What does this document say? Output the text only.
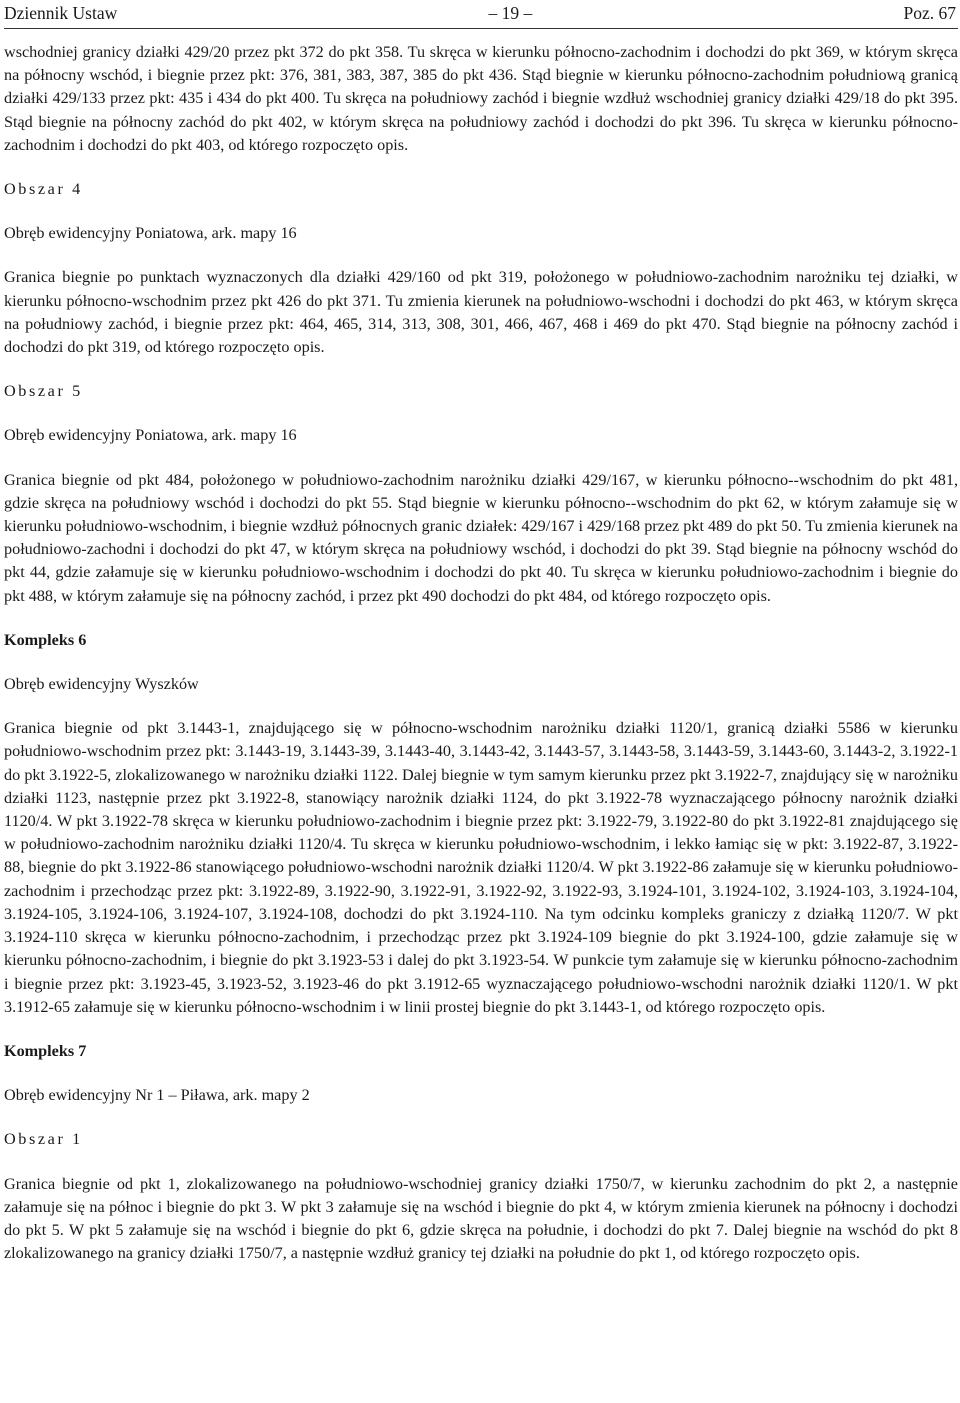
Dziennik Ustaw	– 19 –	Poz. 67

wschodniej granicy działki 429/20 przez pkt 372 do pkt 358. Tu skręca w kierunku północno-zachodnim i dochodzi do pkt 369, w którym skręca na północny wschód, i biegnie przez pkt: 376, 381, 383, 387, 385 do pkt 436. Stąd biegnie w kierunku północno-zachodnim południową granicą działki 429/133 przez pkt: 435 i 434 do pkt 400. Tu skręca na południowy zachód i biegnie wzdłuż wschodniej granicy działki 429/18 do pkt 395. Stąd biegnie na północny zachód do pkt 402, w którym skręca na południowy zachód i dochodzi do pkt 396. Tu skręca w kierunku północno-zachodnim i dochodzi do pkt 403, od którego rozpoczęto opis.

Obszar 4

Obręb ewidencyjny Poniatowa, ark. mapy 16

Granica biegnie po punktach wyznaczonych dla działki 429/160 od pkt 319, położonego w południowo-zachodnim narożniku tej działki, w kierunku północno-wschodnim przez pkt 426 do pkt 371. Tu zmienia kierunek na południowo-wschodni i dochodzi do pkt 463, w którym skręca na południowy zachód, i biegnie przez pkt: 464, 465, 314, 313, 308, 301, 466, 467, 468 i 469 do pkt 470. Stąd biegnie na północny zachód i dochodzi do pkt 319, od którego rozpoczęto opis.

Obszar 5

Obręb ewidencyjny Poniatowa, ark. mapy 16

Granica biegnie od pkt 484, położonego w południowo-zachodnim narożniku działki 429/167, w kierunku północno--wschodnim do pkt 481, gdzie skręca na południowy wschód i dochodzi do pkt 55. Stąd biegnie w kierunku północno--wschodnim do pkt 62, w którym załamuje się w kierunku południowo-wschodnim, i biegnie wzdłuż północnych granic działek: 429/167 i 429/168 przez pkt 489 do pkt 50. Tu zmienia kierunek na południowo-zachodni i dochodzi do pkt 47, w którym skręca na południowy wschód, i dochodzi do pkt 39. Stąd biegnie na północny wschód do pkt 44, gdzie załamuje się w kierunku południowo-wschodnim i dochodzi do pkt 40. Tu skręca w kierunku południowo-zachodnim i biegnie do pkt 488, w którym załamuje się na północny zachód, i przez pkt 490 dochodzi do pkt 484, od którego rozpoczęto opis.

Kompleks 6

Obręb ewidencyjny Wyszków

Granica biegnie od pkt 3.1443-1, znajdującego się w północno-wschodnim narożniku działki 1120/1, granicą działki 5586 w kierunku południowo-wschodnim przez pkt: 3.1443-19, 3.1443-39, 3.1443-40, 3.1443-42, 3.1443-57, 3.1443-58, 3.1443-59, 3.1443-60, 3.1443-2, 3.1922-1 do pkt 3.1922-5, zlokalizowanego w narożniku działki 1122. Dalej biegnie w tym samym kierunku przez pkt 3.1922-7, znajdujący się w narożniku działki 1123, następnie przez pkt 3.1922-8, stanowiący narożnik działki 1124, do pkt 3.1922-78 wyznaczającego północny narożnik działki 1120/4. W pkt 3.1922-78 skręca w kierunku południowo-zachodnim i biegnie przez pkt: 3.1922-79, 3.1922-80 do pkt 3.1922-81 znajdującego się w południowo-zachodnim narożniku działki 1120/4. Tu skręca w kierunku południowo-wschodnim, i lekko łamiąc się w pkt: 3.1922-87, 3.1922-88, biegnie do pkt 3.1922-86 stanowiącego południowo-wschodni narożnik działki 1120/4. W pkt 3.1922-86 załamuje się w kierunku południowo-zachodnim i przechodząc przez pkt: 3.1922-89, 3.1922-90, 3.1922-91, 3.1922-92, 3.1922-93, 3.1924-101, 3.1924-102, 3.1924-103, 3.1924-104, 3.1924-105, 3.1924-106, 3.1924-107, 3.1924-108, dochodzi do pkt 3.1924-110. Na tym odcinku kompleks graniczy z działką 1120/7. W pkt 3.1924-110 skręca w kierunku północno-zachodnim, i przechodząc przez pkt 3.1924-109 biegnie do pkt 3.1924-100, gdzie załamuje się w kierunku północno-zachodnim, i biegnie do pkt 3.1923-53 i dalej do pkt 3.1923-54. W punkcie tym załamuje się w kierunku północno-zachodnim i biegnie przez pkt: 3.1923-45, 3.1923-52, 3.1923-46 do pkt 3.1912-65 wyznaczającego południowo-wschodni narożnik działki 1120/1. W pkt 3.1912-65 załamuje się w kierunku północno-wschodnim i w linii prostej biegnie do pkt 3.1443-1, od którego rozpoczęto opis.

Kompleks 7

Obręb ewidencyjny Nr 1 – Piława, ark. mapy 2

Obszar 1

Granica biegnie od pkt 1, zlokalizowanego na południowo-wschodniej granicy działki 1750/7, w kierunku zachodnim do pkt 2, a następnie załamuje się na północ i biegnie do pkt 3. W pkt 3 załamuje się na wschód i biegnie do pkt 4, w którym zmienia kierunek na północny i dochodzi do pkt 5. W pkt 5 załamuje się na wschód i biegnie do pkt 6, gdzie skręca na południe, i dochodzi do pkt 7. Dalej biegnie na wschód do pkt 8 zlokalizowanego na granicy działki 1750/7, a następnie wzdłuż granicy tej działki na południe do pkt 1, od którego rozpoczęto opis.
